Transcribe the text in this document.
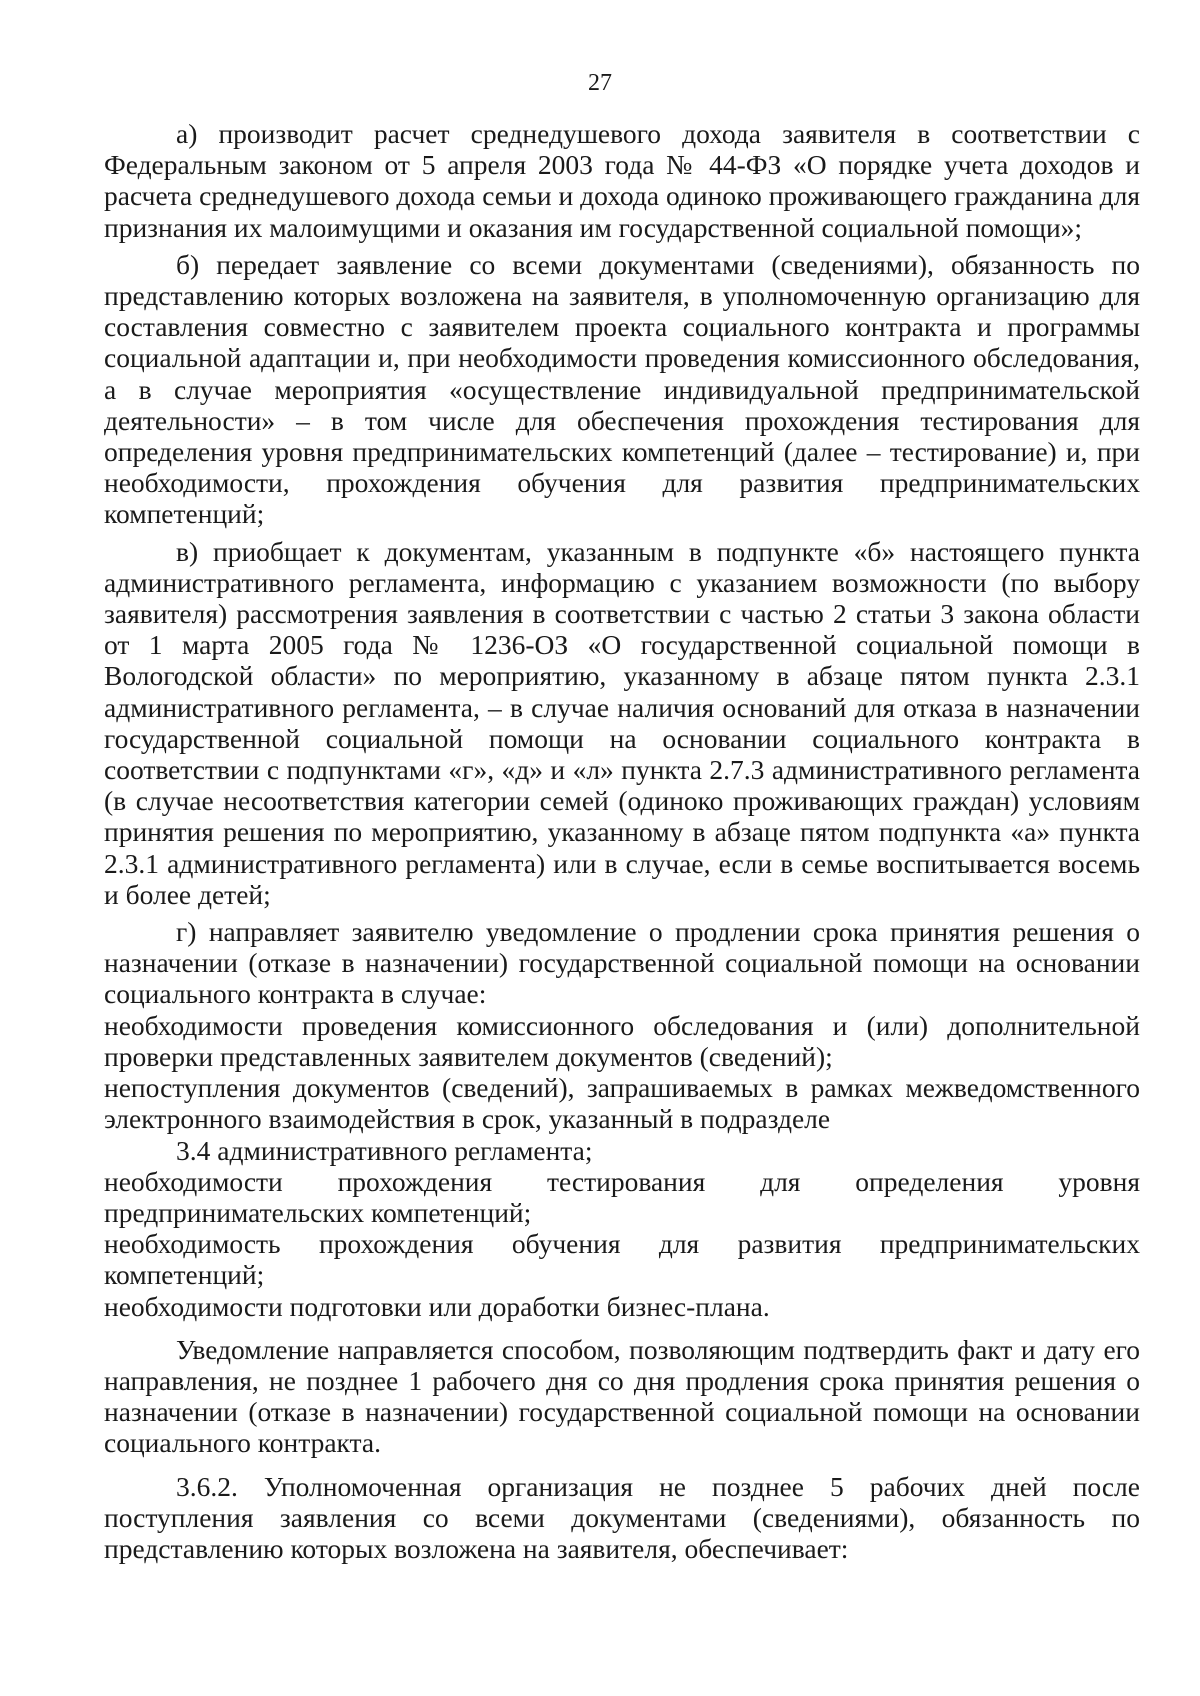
27

а) производит расчет среднедушевого дохода заявителя в соответствии с Федеральным законом от 5 апреля 2003 года № 44-ФЗ «О порядке учета доходов и расчета среднедушевого дохода семьи и дохода одиноко проживающего гражданина для признания их малоимущими и оказания им государственной социальной помощи»;

б) передает заявление со всеми документами (сведениями), обязанность по представлению которых возложена на заявителя, в уполномоченную организацию для составления совместно с заявителем проекта социального контракта и программы социальной адаптации и, при необходимости проведения комиссионного обследования, а в случае мероприятия «осуществление индивидуальной предпринимательской деятельности» – в том числе для обеспечения прохождения тестирования для определения уровня предпринимательских компетенций (далее – тестирование) и, при необходимости, прохождения обучения для развития предпринимательских компетенций;

в) приобщает к документам, указанным в подпункте «б» настоящего пункта административного регламента, информацию с указанием возможности (по выбору заявителя) рассмотрения заявления в соответствии с частью 2 статьи 3 закона области от 1 марта 2005 года № 1236-ОЗ «О государственной социальной помощи в Вологодской области» по мероприятию, указанному в абзаце пятом пункта 2.3.1 административного регламента, – в случае наличия оснований для отказа в назначении государственной социальной помощи на основании социального контракта в соответствии с подпунктами «г», «д» и «л» пункта 2.7.3 административного регламента (в случае несоответствия категории семей (одиноко проживающих граждан) условиям принятия решения по мероприятию, указанному в абзаце пятом подпункта «а» пункта 2.3.1 административного регламента) или в случае, если в семье воспитывается восемь и более детей;

г) направляет заявителю уведомление о продлении срока принятия решения о назначении (отказе в назначении) государственной социальной помощи на основании социального контракта в случае:

необходимости проведения комиссионного обследования и (или) дополнительной проверки представленных заявителем документов (сведений);

непоступления документов (сведений), запрашиваемых в рамках межведомственного электронного взаимодействия в срок, указанный в подразделе

3.4 административного регламента;

необходимости прохождения тестирования для определения уровня предпринимательских компетенций;

необходимость прохождения обучения для развития предпринимательских компетенций;

необходимости подготовки или доработки бизнес-плана.

Уведомление направляется способом, позволяющим подтвердить факт и дату его направления, не позднее 1 рабочего дня со дня продления срока принятия решения о назначении (отказе в назначении) государственной социальной помощи на основании социального контракта.

3.6.2. Уполномоченная организация не позднее 5 рабочих дней после поступления заявления со всеми документами (сведениями), обязанность по представлению которых возложена на заявителя, обеспечивает:
